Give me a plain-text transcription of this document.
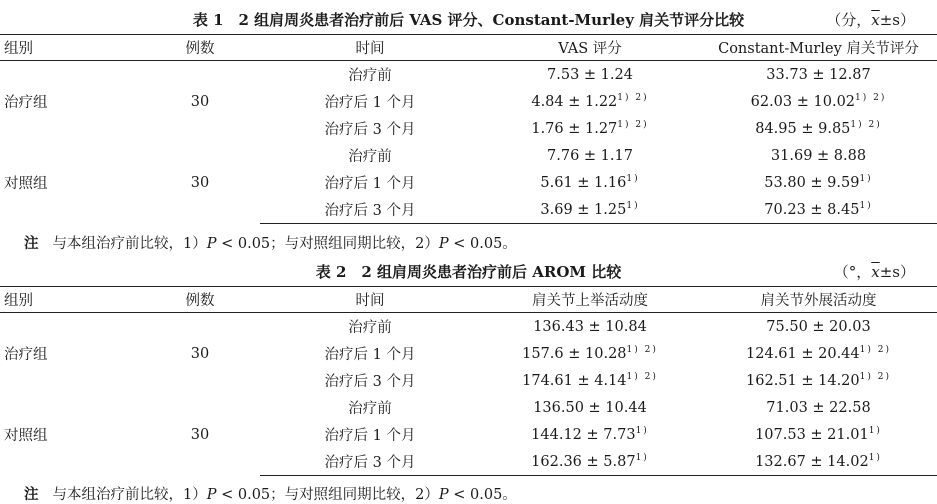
表 1　2 组肩周炎患者治疗前后 VAS 评分、Constant-Murley 肩关节评分比较	（分，$\overline{x}\pm s$）
组别	例数	时间	VAS 评分	Constant-Murley 肩关节评分
治疗组	30	治疗前	7.53 ± 1.24	33.73 ± 12.87
		治疗后 1 个月	$4.84 \pm 1.22^{1) 2)}$	$62.03 \pm 10.02^{1) 2)}$
		治疗后 3 个月	$1.76 \pm 1.27^{1) 2)}$	$84.95 \pm 9.85^{1) 2)}$
对照组	30	治疗前	7.76 ± 1.17	31.69 ± 8.88
		治疗后 1 个月	$5.61 \pm 1.16^{1)}$	$53.80 \pm 9.59^{1)}$
		治疗后 3 个月	$3.69 \pm 1.25^{1)}$	$70.23 \pm 8.45^{1)}$
注 与本组治疗前比较，1）P < 0.05；与对照组同期比较，2）P < 0.05。
表 2　2 组肩周炎患者治疗前后 AROM 比较	（°，$\overline{x}\pm s$）
组别	例数	时间	肩关节上举活动度	肩关节外展活动度
治疗组	30	治疗前	136.43 ± 10.84	75.50 ± 20.03
		治疗后 1 个月	$157.6 \pm 10.28^{1) 2)}$	$124.61 \pm 20.44^{1) 2)}$
		治疗后 3 个月	$174.61 \pm 4.14^{1) 2)}$	$162.51 \pm 14.20^{1) 2)}$
对照组	30	治疗前	136.50 ± 10.44	71.03 ± 22.58
		治疗后 1 个月	$144.12 \pm 7.73^{1)}$	$107.53 \pm 21.01^{1)}$
		治疗后 3 个月	$162.36 \pm 5.87^{1)}$	$132.67 \pm 14.02^{1)}$
注 与本组治疗前比较，1）P < 0.05；与对照组同期比较，2）P < 0.05。
